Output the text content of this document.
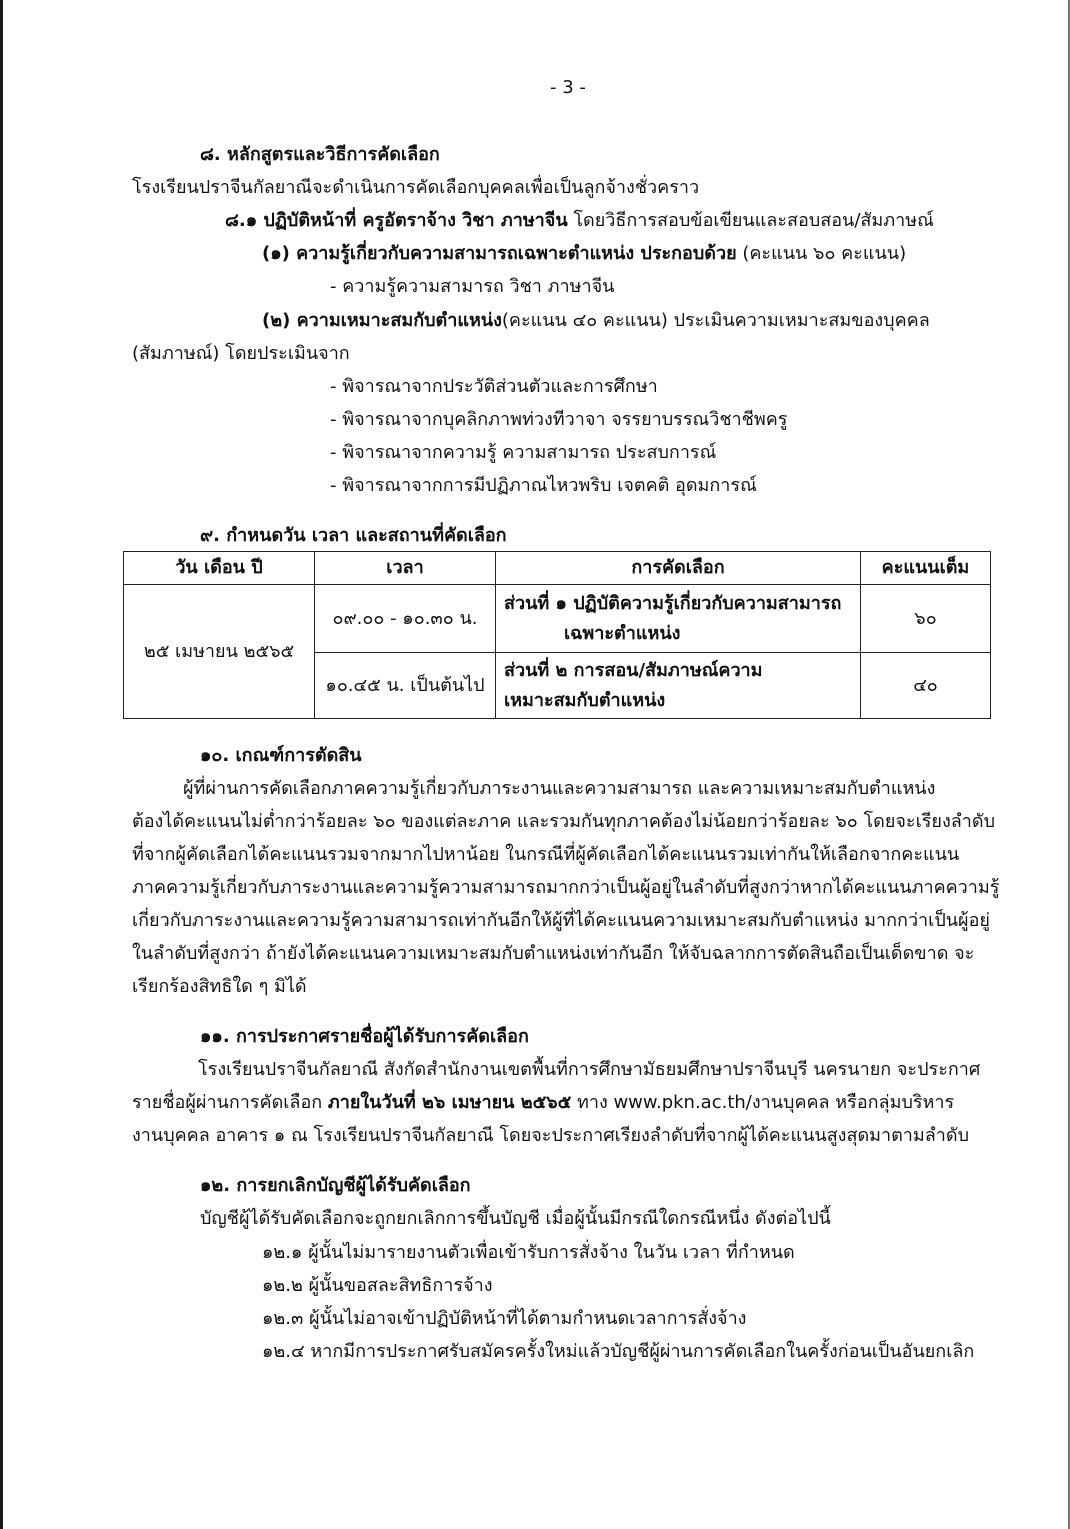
- 3 -
๘. หลักสูตรและวิธีการคัดเลือก
โรงเรียนปราจีนกัลยาณีจะดำเนินการคัดเลือกบุคคลเพื่อเป็นลูกจ้างชั่วคราว
๘.๑ ปฏิบัติหน้าที่ ครูอัตราจ้าง วิชา ภาษาจีน โดยวิธีการสอบข้อเขียนและสอบสอน/สัมภาษณ์
(๑) ความรู้เกี่ยวกับความสามารถเฉพาะตำแหน่ง ประกอบด้วย (คะแนน ๖๐ คะแนน)
- ความรู้ความสามารถ วิชา ภาษาจีน
(๒) ความเหมาะสมกับตำแหน่ง(คะแนน ๔๐ คะแนน) ประเมินความเหมาะสมของบุคคล
(สัมภาษณ์) โดยประเมินจาก
- พิจารณาจากประวัติส่วนตัวและการศึกษา
- พิจารณาจากบุคลิกภาพท่วงทีวาจา จรรยาบรรณวิชาชีพครู
- พิจารณาจากความรู้ ความสามารถ ประสบการณ์
- พิจารณาจากการมีปฏิภาณไหวพริบ เจตคติ อุดมการณ์
๙. กำหนดวัน เวลา และสถานที่คัดเลือก
วัน เดือน ปี	เวลา	การคัดเลือก	คะแนนเต็ม
๒๕ เมษายน ๒๕๖๕	๐๙.๐๐ - ๑๐.๓๐ น.	ส่วนที่ ๑ ปฏิบัติความรู้เกี่ยวกับความสามารถ
เฉพาะตำแหน่ง	๖๐
	๑๐.๔๕ น. เป็นต้นไป	ส่วนที่ ๒ การสอน/สัมภาษณ์ความ
เหมาะสมกับตำแหน่ง	๔๐
๑๐. เกณฑ์การตัดสิน
ผู้ที่ผ่านการคัดเลือกภาคความรู้เกี่ยวกับภาระงานและความสามารถ และความเหมาะสมกับตำแหน่ง
ต้องได้คะแนนไม่ต่ำกว่าร้อยละ ๖๐ ของแต่ละภาค และรวมกันทุกภาคต้องไม่น้อยกว่าร้อยละ ๖๐ โดยจะเรียงลำดับ
ที่จากผู้คัดเลือกได้คะแนนรวมจากมากไปหาน้อย ในกรณีที่ผู้คัดเลือกได้คะแนนรวมเท่ากันให้เลือกจากคะแนน
ภาคความรู้เกี่ยวกับภาระงานและความรู้ความสามารถมากกว่าเป็นผู้อยู่ในลำดับที่สูงกว่าหากได้คะแนนภาคความรู้
เกี่ยวกับภาระงานและความรู้ความสามารถเท่ากันอีกให้ผู้ที่ได้คะแนนความเหมาะสมกับตำแหน่ง มากกว่าเป็นผู้อยู่
ในลำดับที่สูงกว่า ถ้ายังได้คะแนนความเหมาะสมกับตำแหน่งเท่ากันอีก ให้จับฉลากการตัดสินถือเป็นเด็ดขาด จะ
เรียกร้องสิทธิใด ๆ มิได้
๑๑. การประกาศรายชื่อผู้ได้รับการคัดเลือก
โรงเรียนปราจีนกัลยาณี สังกัดสำนักงานเขตพื้นที่การศึกษามัธยมศึกษาปราจีนบุรี นครนายก จะประกาศ
รายชื่อผู้ผ่านการคัดเลือก ภายในวันที่ ๒๖ เมษายน ๒๕๖๕ ทาง www.pkn.ac.th/งานบุคคล หรือกลุ่มบริหาร
งานบุคคล อาคาร ๑ ณ โรงเรียนปราจีนกัลยาณี โดยจะประกาศเรียงลำดับที่จากผู้ได้คะแนนสูงสุดมาตามลำดับ
๑๒. การยกเลิกบัญชีผู้ได้รับคัดเลือก
บัญชีผู้ได้รับคัดเลือกจะถูกยกเลิกการขึ้นบัญชี เมื่อผู้นั้นมีกรณีใดกรณีหนึ่ง ดังต่อไปนี้
๑๒.๑ ผู้นั้นไม่มารายงานตัวเพื่อเข้ารับการสั่งจ้าง ในวัน เวลา ที่กำหนด
๑๒.๒ ผู้นั้นขอสละสิทธิการจ้าง
๑๒.๓ ผู้นั้นไม่อาจเข้าปฏิบัติหน้าที่ได้ตามกำหนดเวลาการสั่งจ้าง
๑๒.๔ หากมีการประกาศรับสมัครครั้งใหม่แล้วบัญชีผู้ผ่านการคัดเลือกในครั้งก่อนเป็นอันยกเลิก
